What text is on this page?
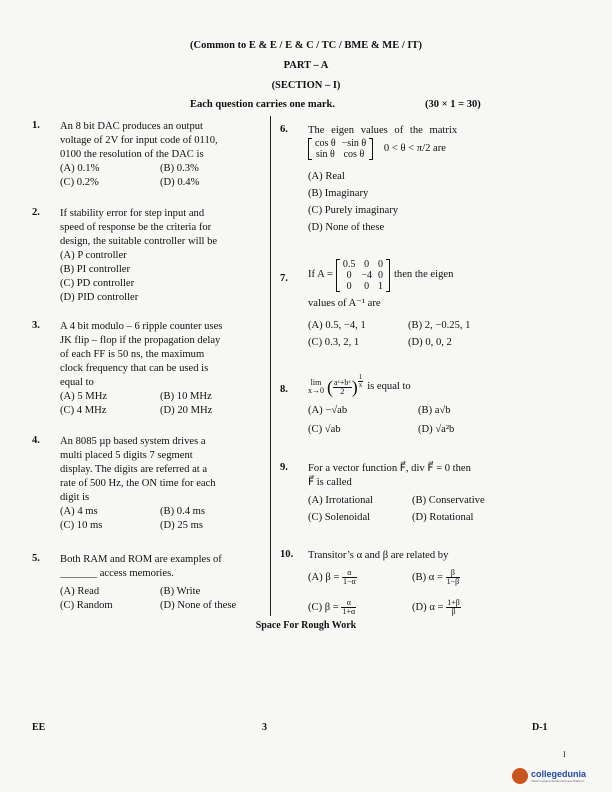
(Common to E & E / E & C / TC / BME & ME / IT)
PART – A
(SECTION – I)
Each question carries one mark.	(30 × 1 = 30)
1. An 8 bit DAC produces an output
voltage of 2V for input code of 0110,
0100 the resolution of the DAC is
(A) 0.1%	(B) 0.3%
(C) 0.2%	(D) 0.4%
2. If stability error for step input and
speed of response be the criteria for
design, the suitable controller will be
(A) P controller
(B) PI controller
(C) PD controller
(D) PID controller
3. A 4 bit modulo – 6 ripple counter uses
JK flip – flop if the propagation delay
of each FF is 50 ns, the maximum
clock frequency that can be used is
equal to
(A) 5 MHz	(B) 10 MHz
(C) 4 MHz	(D) 20 MHz
4. An 8085 µp based system drives a
multi placed 5 digits 7 segment
display. The digits are referred at a
rate of 500 Hz, the ON time for each
digit is
(A) 4 ms	(B) 0.4 ms
(C) 10 ms	(D) 25 ms
5. Both RAM and ROM are examples of
_______ access memories.
(A) Read	(B) Write
(C) Random	(D) None of these
6. The eigen values of the matrix
cos θ	−sin θ
sin θ	cos θ
0 < θ < π/2 are
(A) Real
(B) Imaginary
(C) Purely imaginary
(D) None of these
7. If A =
0.5	0	0
0	−4	0
0	0	1
then the eigen
values of A⁻¹ are
(A) 0.5, −4, 1	(B) 2, −0.25, 1
(C) 0.3, 2, 1	(D) 0, 0, 2
8.
lim
x→0 ( $\frac{\text{aˣ+bˣ}}{2}$ ) $\frac{1}{x}$ is equal to
(A) −√ab	(B) a√b
(C) √ab	(D) √a²b
9. For a vector function F⃗, div F⃗ = 0 then
F⃗ is called
(A) Irrotational	(B) Conservative
(C) Solenoidal	(D) Rotational
10. Transitor’s α and β are related by
(A) $\beta = \frac{\alpha}{1-\alpha}$	(B) $\alpha = \frac{\beta}{1-\beta}$
(C) $\beta = \frac{\alpha}{1+\alpha}$	(D) $\alpha = \frac{1+\beta}{\beta}$
Space For Rough Work
EE	3	D-1
I
collegedunia
India's Largest Student Review Platform
